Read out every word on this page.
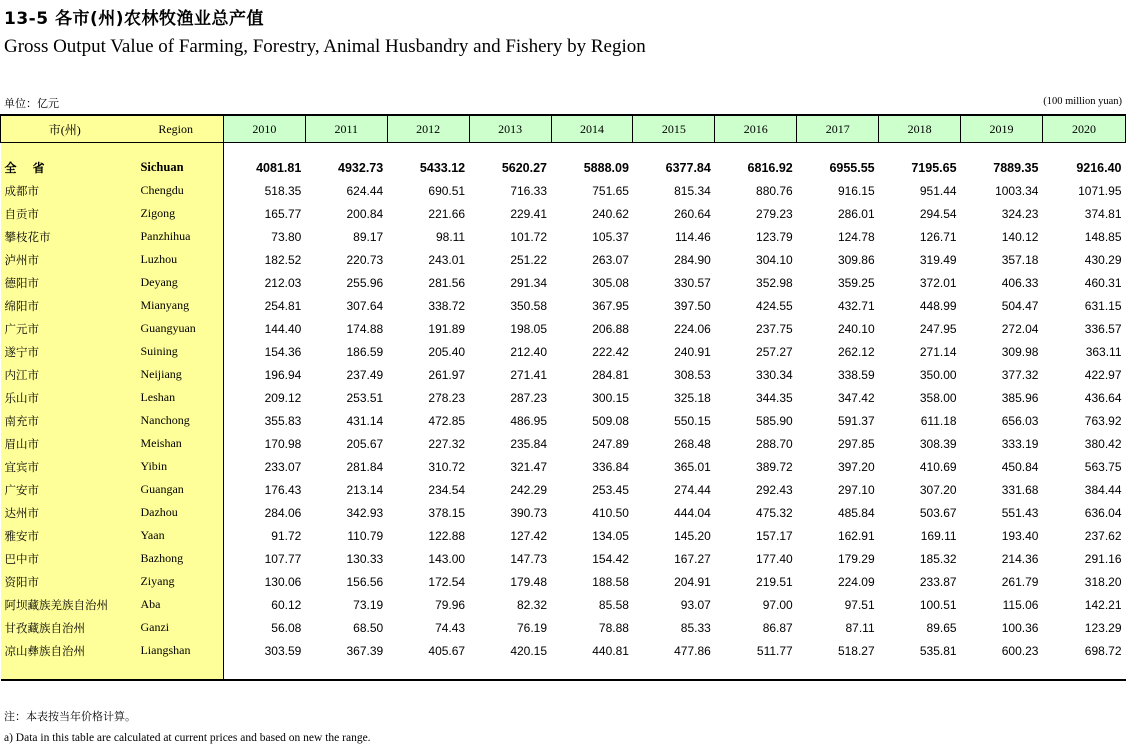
13-5 各市(州)农林牧渔业总产值
Gross Output Value of Farming, Forestry, Animal Husbandry and Fishery by Region
单位：亿元	(100 million yuan)
市(州)	Region	2010	2011	2012	2013	2014	2015	2016	2017	2018	2019	2020

全 省	Sichuan	4081.81	4932.73	5433.12	5620.27	5888.09	6377.84	6816.92	6955.55	7195.65	7889.35	9216.40
成都市	Chengdu	518.35	624.44	690.51	716.33	751.65	815.34	880.76	916.15	951.44	1003.34	1071.95
自贡市	Zigong	165.77	200.84	221.66	229.41	240.62	260.64	279.23	286.01	294.54	324.23	374.81
攀枝花市	Panzhihua	73.80	89.17	98.11	101.72	105.37	114.46	123.79	124.78	126.71	140.12	148.85
泸州市	Luzhou	182.52	220.73	243.01	251.22	263.07	284.90	304.10	309.86	319.49	357.18	430.29
德阳市	Deyang	212.03	255.96	281.56	291.34	305.08	330.57	352.98	359.25	372.01	406.33	460.31
绵阳市	Mianyang	254.81	307.64	338.72	350.58	367.95	397.50	424.55	432.71	448.99	504.47	631.15
广元市	Guangyuan	144.40	174.88	191.89	198.05	206.88	224.06	237.75	240.10	247.95	272.04	336.57
遂宁市	Suining	154.36	186.59	205.40	212.40	222.42	240.91	257.27	262.12	271.14	309.98	363.11
内江市	Neijiang	196.94	237.49	261.97	271.41	284.81	308.53	330.34	338.59	350.00	377.32	422.97
乐山市	Leshan	209.12	253.51	278.23	287.23	300.15	325.18	344.35	347.42	358.00	385.96	436.64
南充市	Nanchong	355.83	431.14	472.85	486.95	509.08	550.15	585.90	591.37	611.18	656.03	763.92
眉山市	Meishan	170.98	205.67	227.32	235.84	247.89	268.48	288.70	297.85	308.39	333.19	380.42
宜宾市	Yibin	233.07	281.84	310.72	321.47	336.84	365.01	389.72	397.20	410.69	450.84	563.75
广安市	Guangan	176.43	213.14	234.54	242.29	253.45	274.44	292.43	297.10	307.20	331.68	384.44
达州市	Dazhou	284.06	342.93	378.15	390.73	410.50	444.04	475.32	485.84	503.67	551.43	636.04
雅安市	Yaan	91.72	110.79	122.88	127.42	134.05	145.20	157.17	162.91	169.11	193.40	237.62
巴中市	Bazhong	107.77	130.33	143.00	147.73	154.42	167.27	177.40	179.29	185.32	214.36	291.16
资阳市	Ziyang	130.06	156.56	172.54	179.48	188.58	204.91	219.51	224.09	233.87	261.79	318.20
阿坝藏族羌族自治州	Aba	60.12	73.19	79.96	82.32	85.58	93.07	97.00	97.51	100.51	115.06	142.21
甘孜藏族自治州	Ganzi	56.08	68.50	74.43	76.19	78.88	85.33	86.87	87.11	89.65	100.36	123.29
凉山彝族自治州	Liangshan	303.59	367.39	405.67	420.15	440.81	477.86	511.77	518.27	535.81	600.23	698.72

注：本表按当年价格计算。
a) Data in this table are calculated at current prices and based on new the range.
